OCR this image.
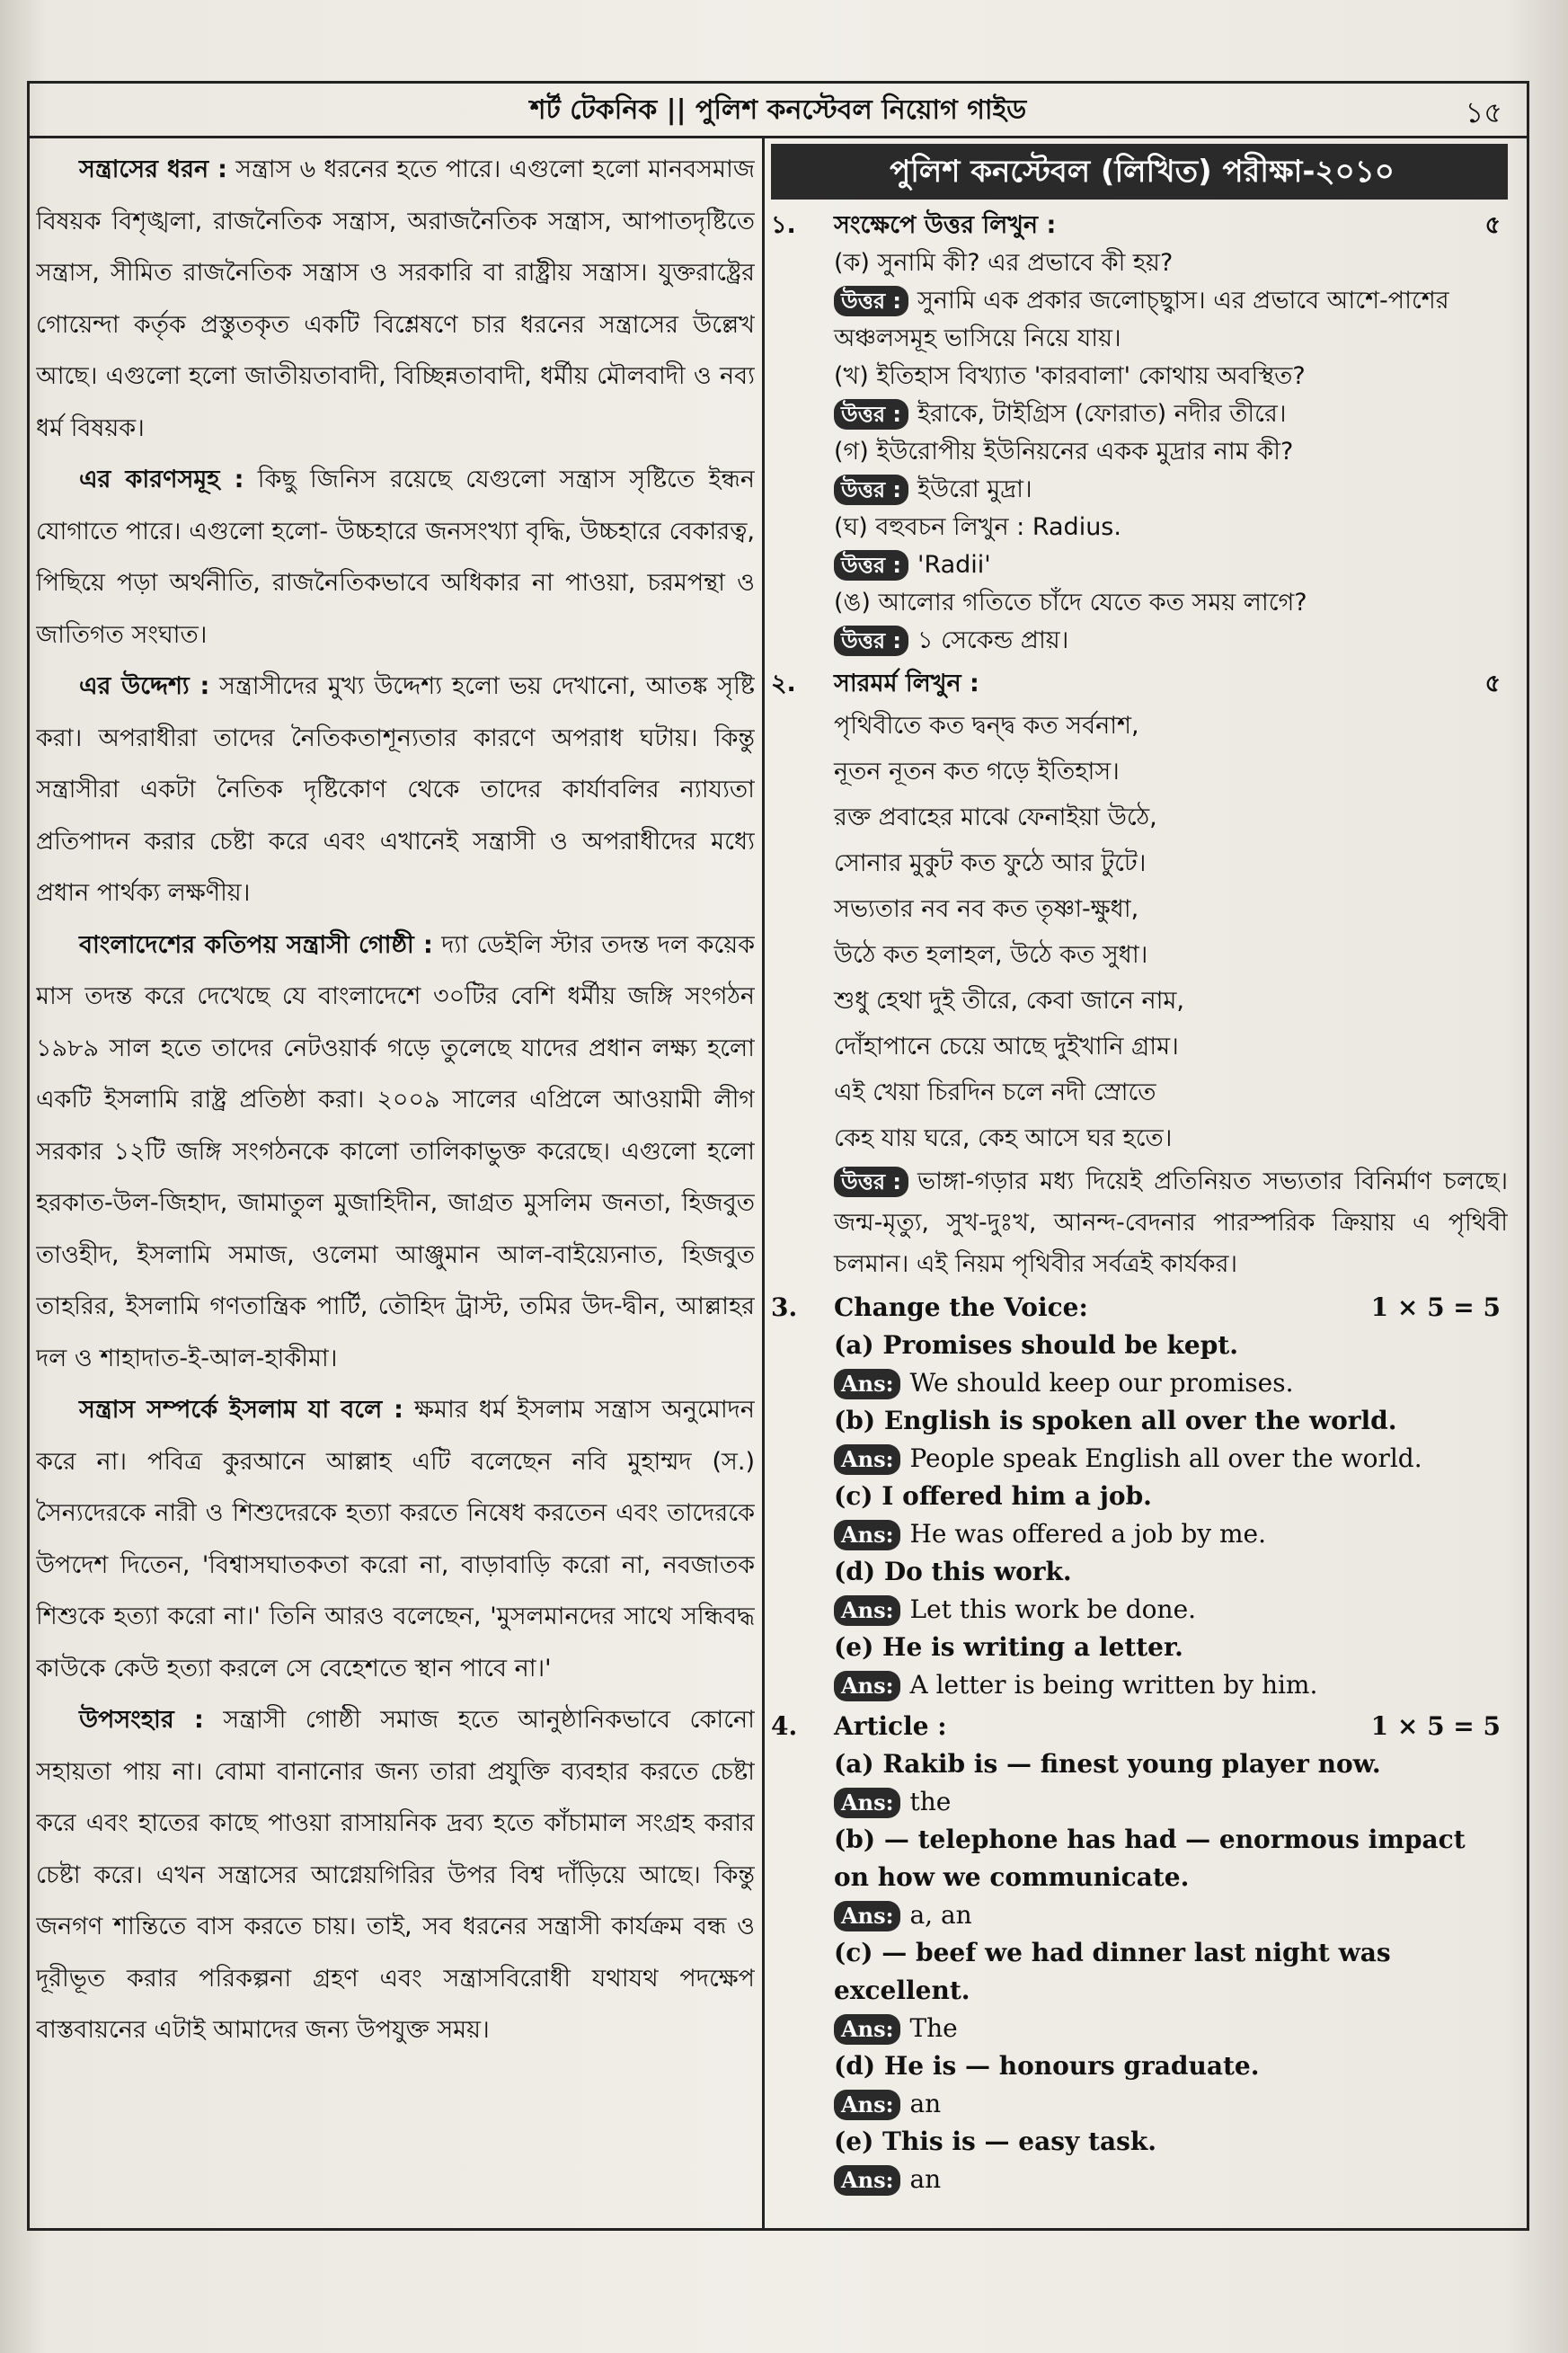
শর্ট টেকনিক || পুলিশ কনস্টেবল নিয়োগ গাইড	১৫

সন্ত্রাসের ধরন : সন্ত্রাস ৬ ধরনের হতে পারে। এগুলো হলো মানবসমাজ বিষয়ক বিশৃঙ্খলা, রাজনৈতিক সন্ত্রাস, অরাজনৈতিক সন্ত্রাস, আপাতদৃষ্টিতে সন্ত্রাস, সীমিত রাজনৈতিক সন্ত্রাস ও সরকারি বা রাষ্ট্রীয় সন্ত্রাস। যুক্তরাষ্ট্রের গোয়েন্দা কর্তৃক প্রস্তুতকৃত একটি বিশ্লেষণে চার ধরনের সন্ত্রাসের উল্লেখ আছে। এগুলো হলো জাতীয়তাবাদী, বিচ্ছিন্নতাবাদী, ধর্মীয় মৌলবাদী ও নব্য ধর্ম বিষয়ক।

এর কারণসমূহ : কিছু জিনিস রয়েছে যেগুলো সন্ত্রাস সৃষ্টিতে ইন্ধন যোগাতে পারে। এগুলো হলো- উচ্চহারে জনসংখ্যা বৃদ্ধি, উচ্চহারে বেকারত্ব, পিছিয়ে পড়া অর্থনীতি, রাজনৈতিকভাবে অধিকার না পাওয়া, চরমপন্থা ও জাতিগত সংঘাত।

এর উদ্দেশ্য : সন্ত্রাসীদের মুখ্য উদ্দেশ্য হলো ভয় দেখানো, আতঙ্ক সৃষ্টি করা। অপরাধীরা তাদের নৈতিকতাশূন্যতার কারণে অপরাধ ঘটায়। কিন্তু সন্ত্রাসীরা একটা নৈতিক দৃষ্টিকোণ থেকে তাদের কার্যাবলির ন্যায্যতা প্রতিপাদন করার চেষ্টা করে এবং এখানেই সন্ত্রাসী ও অপরাধীদের মধ্যে প্রধান পার্থক্য লক্ষণীয়।

বাংলাদেশের কতিপয় সন্ত্রাসী গোষ্ঠী : দ্যা ডেইলি স্টার তদন্ত দল কয়েক মাস তদন্ত করে দেখেছে যে বাংলাদেশে ৩০টির বেশি ধর্মীয় জঙ্গি সংগঠন ১৯৮৯ সাল হতে তাদের নেটওয়ার্ক গড়ে তুলেছে যাদের প্রধান লক্ষ্য হলো একটি ইসলামি রাষ্ট্র প্রতিষ্ঠা করা। ২০০৯ সালের এপ্রিলে আওয়ামী লীগ সরকার ১২টি জঙ্গি সংগঠনকে কালো তালিকাভুক্ত করেছে। এগুলো হলো হরকাত-উল-জিহাদ, জামাতুল মুজাহিদীন, জাগ্রত মুসলিম জনতা, হিজবুত তাওহীদ, ইসলামি সমাজ, ওলেমা আঞ্জুমান আল-বাইয়্যেনাত, হিজবুত তাহরির, ইসলামি গণতান্ত্রিক পার্টি, তৌহিদ ট্রাস্ট, তমির উদ-দ্বীন, আল্লাহর দল ও শাহাদাত-ই-আল-হাকীমা।

সন্ত্রাস সম্পর্কে ইসলাম যা বলে : ক্ষমার ধর্ম ইসলাম সন্ত্রাস অনুমোদন করে না। পবিত্র কুরআনে আল্লাহ এটি বলেছেন নবি মুহাম্মদ (স.) সৈন্যদেরকে নারী ও শিশুদেরকে হত্যা করতে নিষেধ করতেন এবং তাদেরকে উপদেশ দিতেন, 'বিশ্বাসঘাতকতা করো না, বাড়াবাড়ি করো না, নবজাতক শিশুকে হত্যা করো না।' তিনি আরও বলেছেন, 'মুসলমানদের সাথে সন্ধিবদ্ধ কাউকে কেউ হত্যা করলে সে বেহেশতে স্থান পাবে না।'

উপসংহার : সন্ত্রাসী গোষ্ঠী সমাজ হতে আনুষ্ঠানিকভাবে কোনো সহায়তা পায় না। বোমা বানানোর জন্য তারা প্রযুক্তি ব্যবহার করতে চেষ্টা করে এবং হাতের কাছে পাওয়া রাসায়নিক দ্রব্য হতে কাঁচামাল সংগ্রহ করার চেষ্টা করে। এখন সন্ত্রাসের আগ্নেয়গিরির উপর বিশ্ব দাঁড়িয়ে আছে। কিন্তু জনগণ শান্তিতে বাস করতে চায়। তাই, সব ধরনের সন্ত্রাসী কার্যক্রম বন্ধ ও দূরীভূত করার পরিকল্পনা গ্রহণ এবং সন্ত্রাসবিরোধী যথাযথ পদক্ষেপ বাস্তবায়নের এটাই আমাদের জন্য উপযুক্ত সময়।

পুলিশ কনস্টেবল (লিখিত) পরীক্ষা-২০১০
১.	৫
সংক্ষেপে উত্তর লিখুন :
(ক) সুনামি কী? এর প্রভাবে কী হয়?
উত্তর : সুনামি এক প্রকার জলোচ্ছ্বাস। এর প্রভাবে আশে-পাশের অঞ্চলসমূহ ভাসিয়ে নিয়ে যায়।
(খ) ইতিহাস বিখ্যাত 'কারবালা' কোথায় অবস্থিত?
উত্তর : ইরাকে, টাইগ্রিস (ফোরাত) নদীর তীরে।
(গ) ইউরোপীয় ইউনিয়নের একক মুদ্রার নাম কী?
উত্তর : ইউরো মুদ্রা।
(ঘ) বহুবচন লিখুন : Radius.
উত্তর : 'Radii'
(ঙ) আলোর গতিতে চাঁদে যেতে কত সময় লাগে?
উত্তর : ১ সেকেন্ড প্রায়।
২.	৫
সারমর্ম লিখুন :
পৃথিবীতে কত দ্বন্দ্ব কত সর্বনাশ,
নূতন নূতন কত গড়ে ইতিহাস।
রক্ত প্রবাহের মাঝে ফেনাইয়া উঠে,
সোনার মুকুট কত ফুঠে আর টুটে।
সভ্যতার নব নব কত তৃষ্ণা-ক্ষুধা,
উঠে কত হলাহল, উঠে কত সুধা।
শুধু হেথা দুই তীরে, কেবা জানে নাম,
দোঁহাপানে চেয়ে আছে দুইখানি গ্রাম।
এই খেয়া চিরদিন চলে নদী স্রোতে
কেহ যায় ঘরে, কেহ আসে ঘর হতে।
উত্তর : ভাঙ্গা-গড়ার মধ্য দিয়েই প্রতিনিয়ত সভ্যতার বিনির্মাণ চলছে। জন্ম-মৃত্যু, সুখ-দুঃখ, আনন্দ-বেদনার পারস্পরিক ক্রিয়ায় এ পৃথিবী চলমান। এই নিয়ম পৃথিবীর সর্বত্রই কার্যকর।
3.	1 × 5 = 5
Change the Voice:
(a) Promises should be kept.
Ans: We should keep our promises.
(b) English is spoken all over the world.
Ans: People speak English all over the world.
(c) I offered him a job.
Ans: He was offered a job by me.
(d) Do this work.
Ans: Let this work be done.
(e) He is writing a letter.
Ans: A letter is being written by him.
4.	1 × 5 = 5
Article :
(a) Rakib is — finest young player now.
Ans: the
(b) — telephone has had — enormous impact on how we communicate.
Ans: a, an
(c) — beef we had dinner last night was excellent.
Ans: The
(d) He is — honours graduate.
Ans: an
(e) This is — easy task.
Ans: an
